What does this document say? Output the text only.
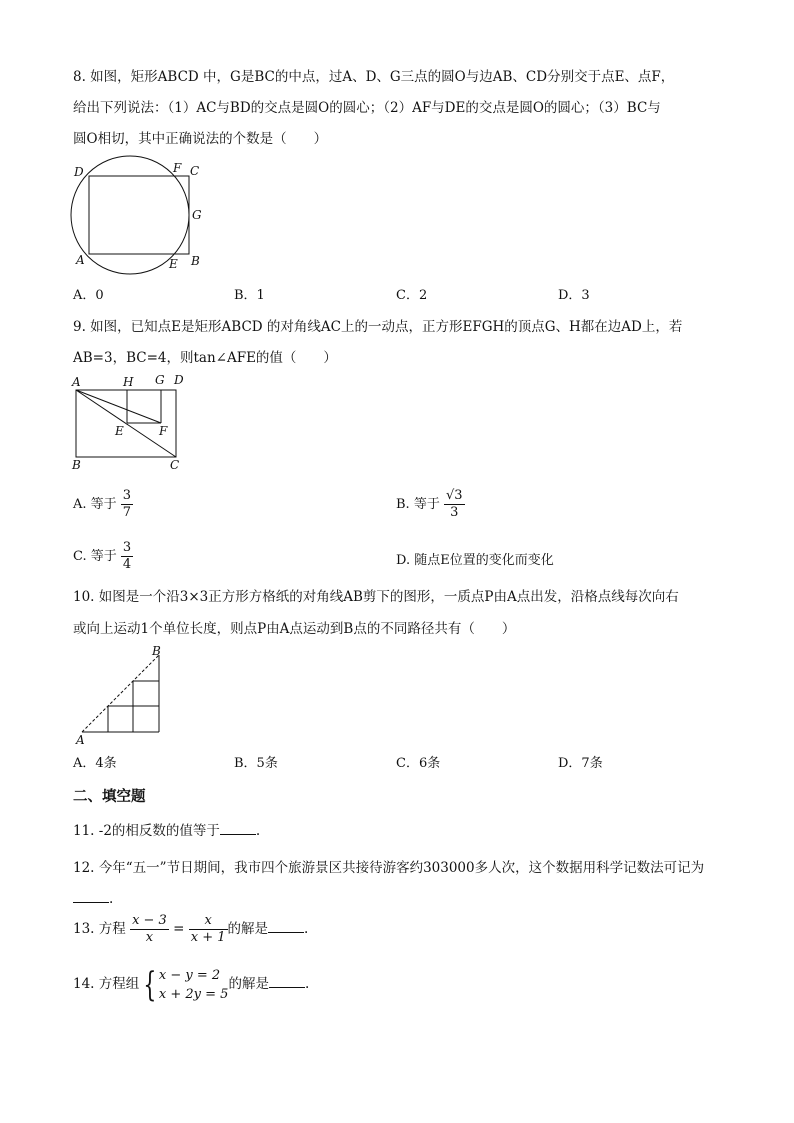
8. 如图，矩形ABCD 中，G是BC的中点，过A、D、G三点的圆O与边AB、CD分别交于点E、点F，
给出下列说法：（1）AC与BD的交点是圆O的圆心；（2）AF与DE的交点是圆O的圆心；（3）BC与
圆O相切，其中正确说法的个数是（　　）
D	F C
G
A	E B
A．0	B．1	C．2	D．3
9. 如图，已知点E是矩形ABCD 的对角线AC上的一动点，正方形EFGH的顶点G、H都在边AD上，若
AB=3，BC=4，则tan∠AFE的值（　　）
A	H G D
E	F
B	C
A. 等于 $\frac{3}{7}$	B. 等于 $\frac{√3}{3}$
C. 等于 $\frac{3}{4}$	D. 随点E位置的变化而变化
10. 如图是一个沿3×3正方形方格纸的对角线AB剪下的图形，一质点P由A点出发，沿格点线每次向右
或向上运动1个单位长度，则点P由A点运动到B点的不同路径共有（　　）
A
B
A．4条	B．5条	C．6条	D．7条
二、填空题
11. -2的相反数的值等于	.
12. 今年“五一”节日期间，我市四个旅游景区共接待游客约303000多人次，这个数据用科学记数法可记为
.
13. 方程 $\frac{x - 3}{x} = \frac{x}{x + 1}$ 的解是	.
14. 方程组 { x − y = 2
x + 2y = 5
的解是	.
